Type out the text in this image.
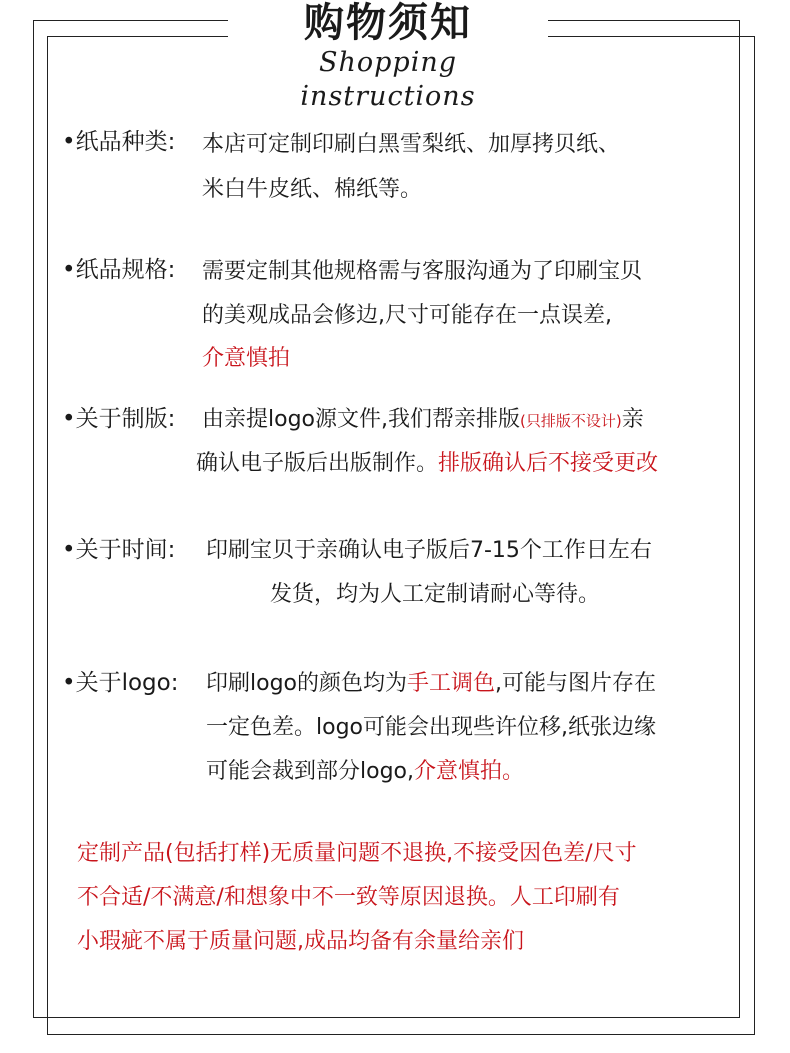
购物须知
Shopping instructions
•纸品种类: 本店可定制印刷白黑雪梨纸、加厚拷贝纸、
米白牛皮纸、棉纸等。
•纸品规格: 需要定制其他规格需与客服沟通为了印刷宝贝
的美观成品会修边,尺寸可能存在一点误差,
介意慎拍
•关于制版: 由亲提logo源文件,我们帮亲排版(只排版不设计)亲
确认电子版后出版制作。排版确认后不接受更改
•关于时间: 印刷宝贝于亲确认电子版后7-15个工作日左右
发货，均为人工定制请耐心等待。
•关于logo: 印刷logo的颜色均为手工调色,可能与图片存在
一定色差。logo可能会出现些许位移,纸张边缘
可能会裁到部分logo,介意慎拍。
定制产品(包括打样)无质量问题不退换,不接受因色差/尺寸
不合适/不满意/和想象中不一致等原因退换。人工印刷有
小瑕疵不属于质量问题,成品均备有余量给亲们
